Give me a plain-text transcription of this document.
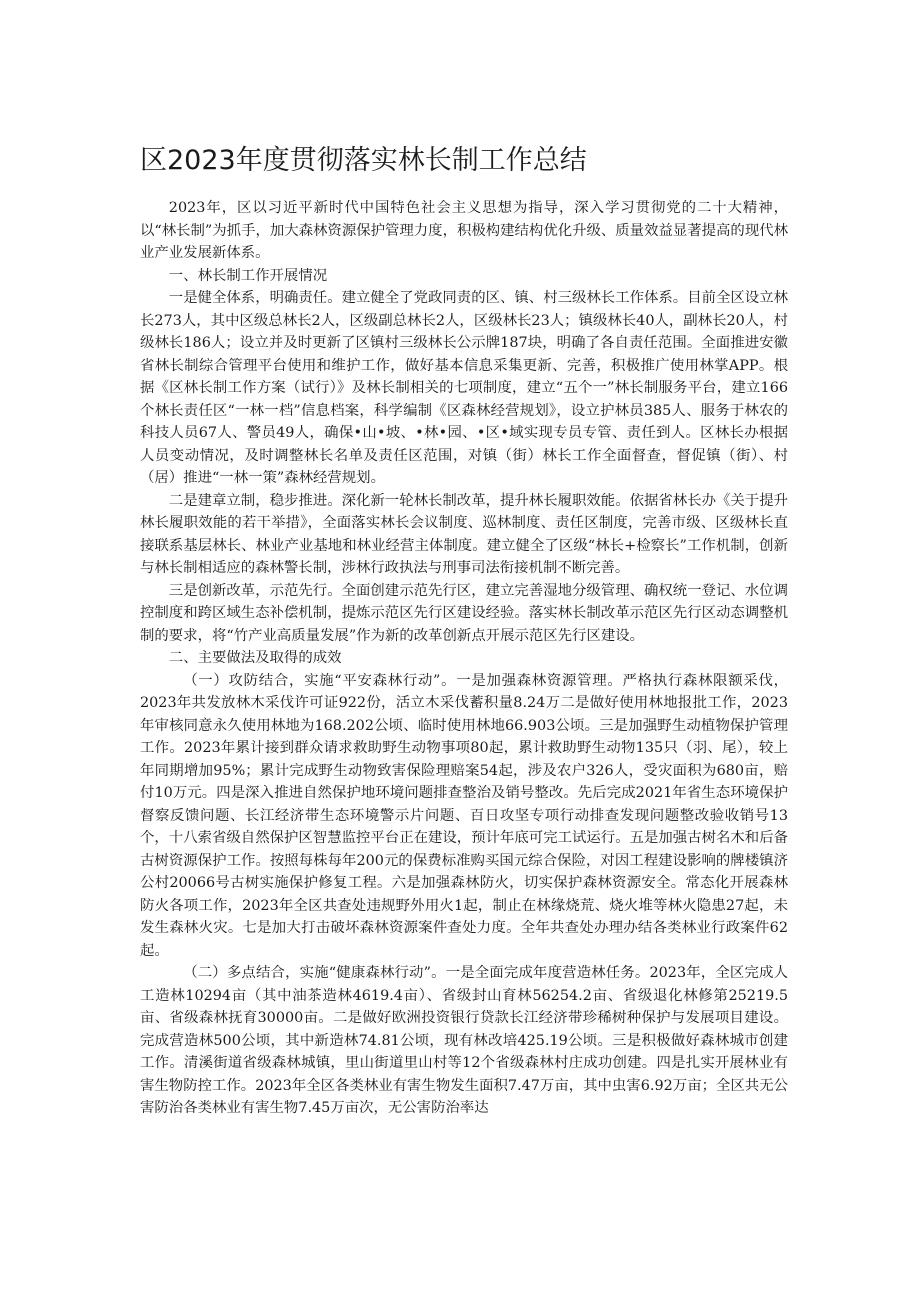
区2023年度贯彻落实林长制工作总结

2023年，区以习近平新时代中国特色社会主义思想为指导，深入学习贯彻党的二十大精神，以“林长制”为抓手，加大森林资源保护管理力度，积极构建结构优化升级、质量效益显著提高的现代林业产业发展新体系。

一、林长制工作开展情况

一是健全体系，明确责任。建立健全了党政同责的区、镇、村三级林长工作体系。目前全区设立林长273人，其中区级总林长2人，区级副总林长2人，区级林长23人；镇级林长40人，副林长20人，村级林长186人；设立并及时更新了区镇村三级林长公示牌187块，明确了各自责任范围。全面推进安徽省林长制综合管理平台使用和维护工作，做好基本信息采集更新、完善，积极推广使用林掌APP。根据《区林长制工作方案（试行）》及林长制相关的七项制度，建立“五个一”林长制服务平台，建立166个林长责任区“一林一档”信息档案，科学编制《区森林经营规划》，设立护林员385人、服务于林农的科技人员67人、警员49人，确保•山•坡、•林•园、•区•域实现专员专管、责任到人。区林长办根据人员变动情况，及时调整林长名单及责任区范围，对镇（街）林长工作全面督查，督促镇（街）、村（居）推进“一林一策”森林经营规划。

二是建章立制，稳步推进。深化新一轮林长制改革，提升林长履职效能。依据省林长办《关于提升林长履职效能的若干举措》，全面落实林长会议制度、巡林制度、责任区制度，完善市级、区级林长直接联系基层林长、林业产业基地和林业经营主体制度。建立健全了区级“林长+检察长”工作机制，创新与林长制相适应的森林警长制，涉林行政执法与刑事司法衔接机制不断完善。

三是创新改革，示范先行。全面创建示范先行区，建立完善湿地分级管理、确权统一登记、水位调控制度和跨区域生态补偿机制，提炼示范区先行区建设经验。落实林长制改革示范区先行区动态调整机制的要求，将“竹产业高质量发展”作为新的改革创新点开展示范区先行区建设。

二、主要做法及取得的成效

（一）攻防结合，实施“平安森林行动”。一是加强森林资源管理。严格执行森林限额采伐，2023年共发放林木采伐许可证922份，活立木采伐蓄积量8.24万二是做好使用林地报批工作，2023年审核同意永久使用林地为168.202公顷、临时使用林地66.903公顷。三是加强野生动植物保护管理工作。2023年累计接到群众请求救助野生动物事项80起，累计救助野生动物135只（羽、尾），较上年同期增加95%；累计完成野生动物致害保险理赔案54起，涉及农户326人，受灾面积为680亩，赔付10万元。四是深入推进自然保护地环境问题排查整治及销号整改。先后完成2021年省生态环境保护督察反馈问题、长江经济带生态环境警示片问题、百日攻坚专项行动排查发现问题整改验收销号13个，十八索省级自然保护区智慧监控平台正在建设，预计年底可完工试运行。五是加强古树名木和后备古树资源保护工作。按照每株每年200元的保费标准购买国元综合保险，对因工程建设影响的牌楼镇济公村20066号古树实施保护修复工程。六是加强森林防火，切实保护森林资源安全。常态化开展森林防火各项工作，2023年全区共查处违规野外用火1起，制止在林缘烧荒、烧火堆等林火隐患27起，未发生森林火灾。七是加大打击破坏森林资源案件查处力度。全年共查处办理办结各类林业行政案件62起。

（二）多点结合，实施“健康森林行动”。一是全面完成年度营造林任务。2023年，全区完成人工造林10294亩（其中油茶造林4619.4亩）、省级封山育林56254.2亩、省级退化林修第25219.5亩、省级森林抚育30000亩。二是做好欧洲投资银行贷款长江经济带珍稀树种保护与发展项目建设。完成营造林500公顷，其中新造林74.81公顷，现有林改培425.19公顷。三是积极做好森林城市创建工作。清溪街道省级森林城镇，里山街道里山村等12个省级森林村庄成功创建。四是扎实开展林业有害生物防控工作。2023年全区各类林业有害生物发生面积7.47万亩，其中虫害6.92万亩；全区共无公害防治各类林业有害生物7.45万亩次，无公害防治率达
